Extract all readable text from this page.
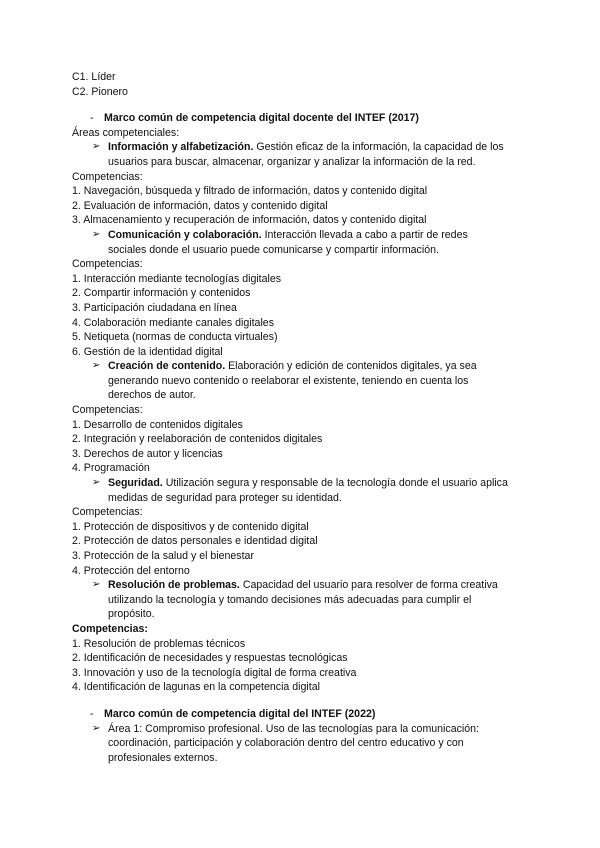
C1. Líder
C2. Pionero
- Marco común de competencia digital docente del INTEF (2017)
Áreas competenciales:
➢ Información y alfabetización. Gestión eficaz de la información, la capacidad de los

usuarios para buscar, almacenar, organizar y analizar la información de la red.

Competencias:
1. Navegación, búsqueda y filtrado de información, datos y contenido digital
2. Evaluación de información, datos y contenido digital
3. Almacenamiento y recuperación de información, datos y contenido digital
➢ Comunicación y colaboración. Interacción llevada a cabo a partir de redes

sociales donde el usuario puede comunicarse y compartir información.

Competencias:
1. Interacción mediante tecnologías digitales
2. Compartir información y contenidos
3. Participación ciudadana en línea
4. Colaboración mediante canales digitales
5. Netiqueta (normas de conducta virtuales)
6. Gestión de la identidad digital
➢ Creación de contenido. Elaboración y edición de contenidos digitales, ya sea

generando nuevo contenido o reelaborar el existente, teniendo en cuenta los

derechos de autor.

Competencias:
1. Desarrollo de contenidos digitales
2. Integración y reelaboración de contenidos digitales
3. Derechos de autor y licencias
4. Programación
➢ Seguridad. Utilización segura y responsable de la tecnología donde el usuario aplica

medidas de seguridad para proteger su identidad.

Competencias:
1. Protección de dispositivos y de contenido digital
2. Protección de datos personales e identidad digital
3. Protección de la salud y el bienestar
4. Protección del entorno
➢ Resolución de problemas. Capacidad del usuario para resolver de forma creativa

utilizando la tecnología y tomando decisiones más adecuadas para cumplir el

propósito.

Competencias:
1. Resolución de problemas técnicos
2. Identificación de necesidades y respuestas tecnológicas
3. Innovación y uso de la tecnología digital de forma creativa
4. Identificación de lagunas en la competencia digital
- Marco común de competencia digital del INTEF (2022)
➢ Área 1: Compromiso profesional. Uso de las tecnologías para la comunicación:

coordinación, participación y colaboración dentro del centro educativo y con

profesionales externos.
